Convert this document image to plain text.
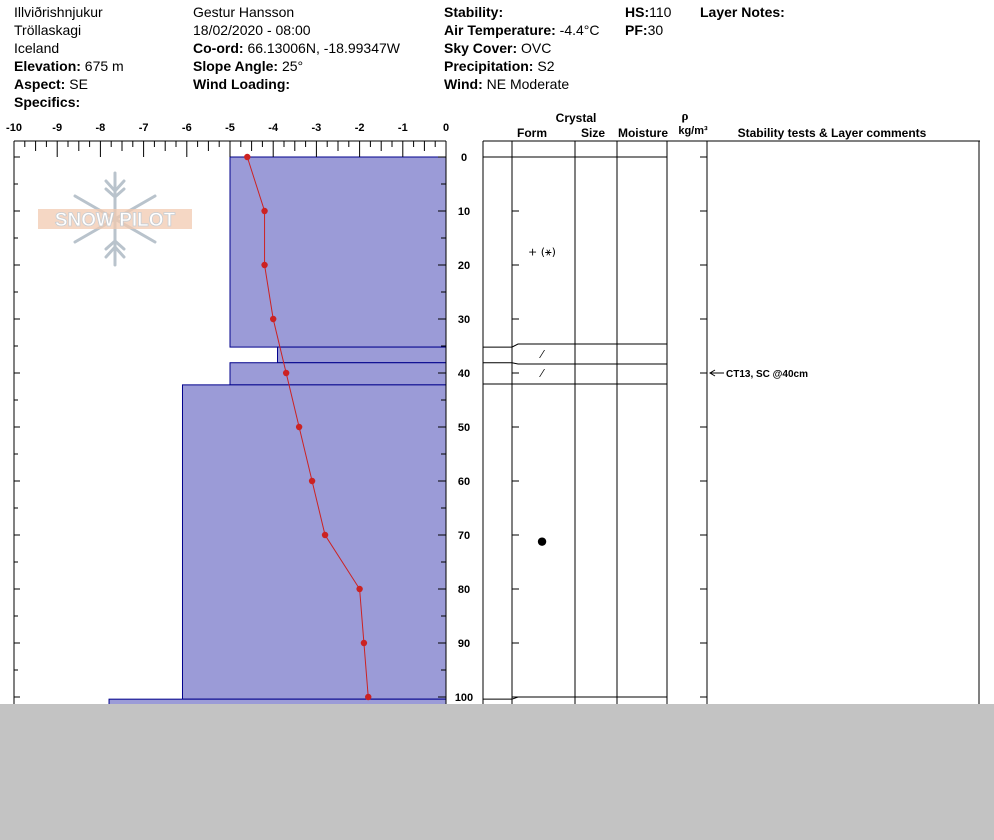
Illviðrishnjukur
Tröllaskagi
Iceland
Elevation: 675 m
Aspect: SE
Specifics:
Gestur Hansson
18/02/2020 - 08:00
Co-ord: 66.13006N, -18.99347W
Slope Angle: 25°
Wind Loading:
Stability:
Air Temperature: -4.4°C
Sky Cover: OVC
Precipitation: S2
Wind: NE Moderate
HS:110
PF:30
Layer Notes:
SNOW PILOT
-10	-9	-8	-7	-6	-5	-4	-3	-2	-1	0
0
10
20
30
40
50
60
70
80
90
100
+ (⚹)
⁄
⁄
●
Crystal
Form	Size Moisture
ρ
kg/m³ Stability tests & Layer comments
CT13, SC @40cm
